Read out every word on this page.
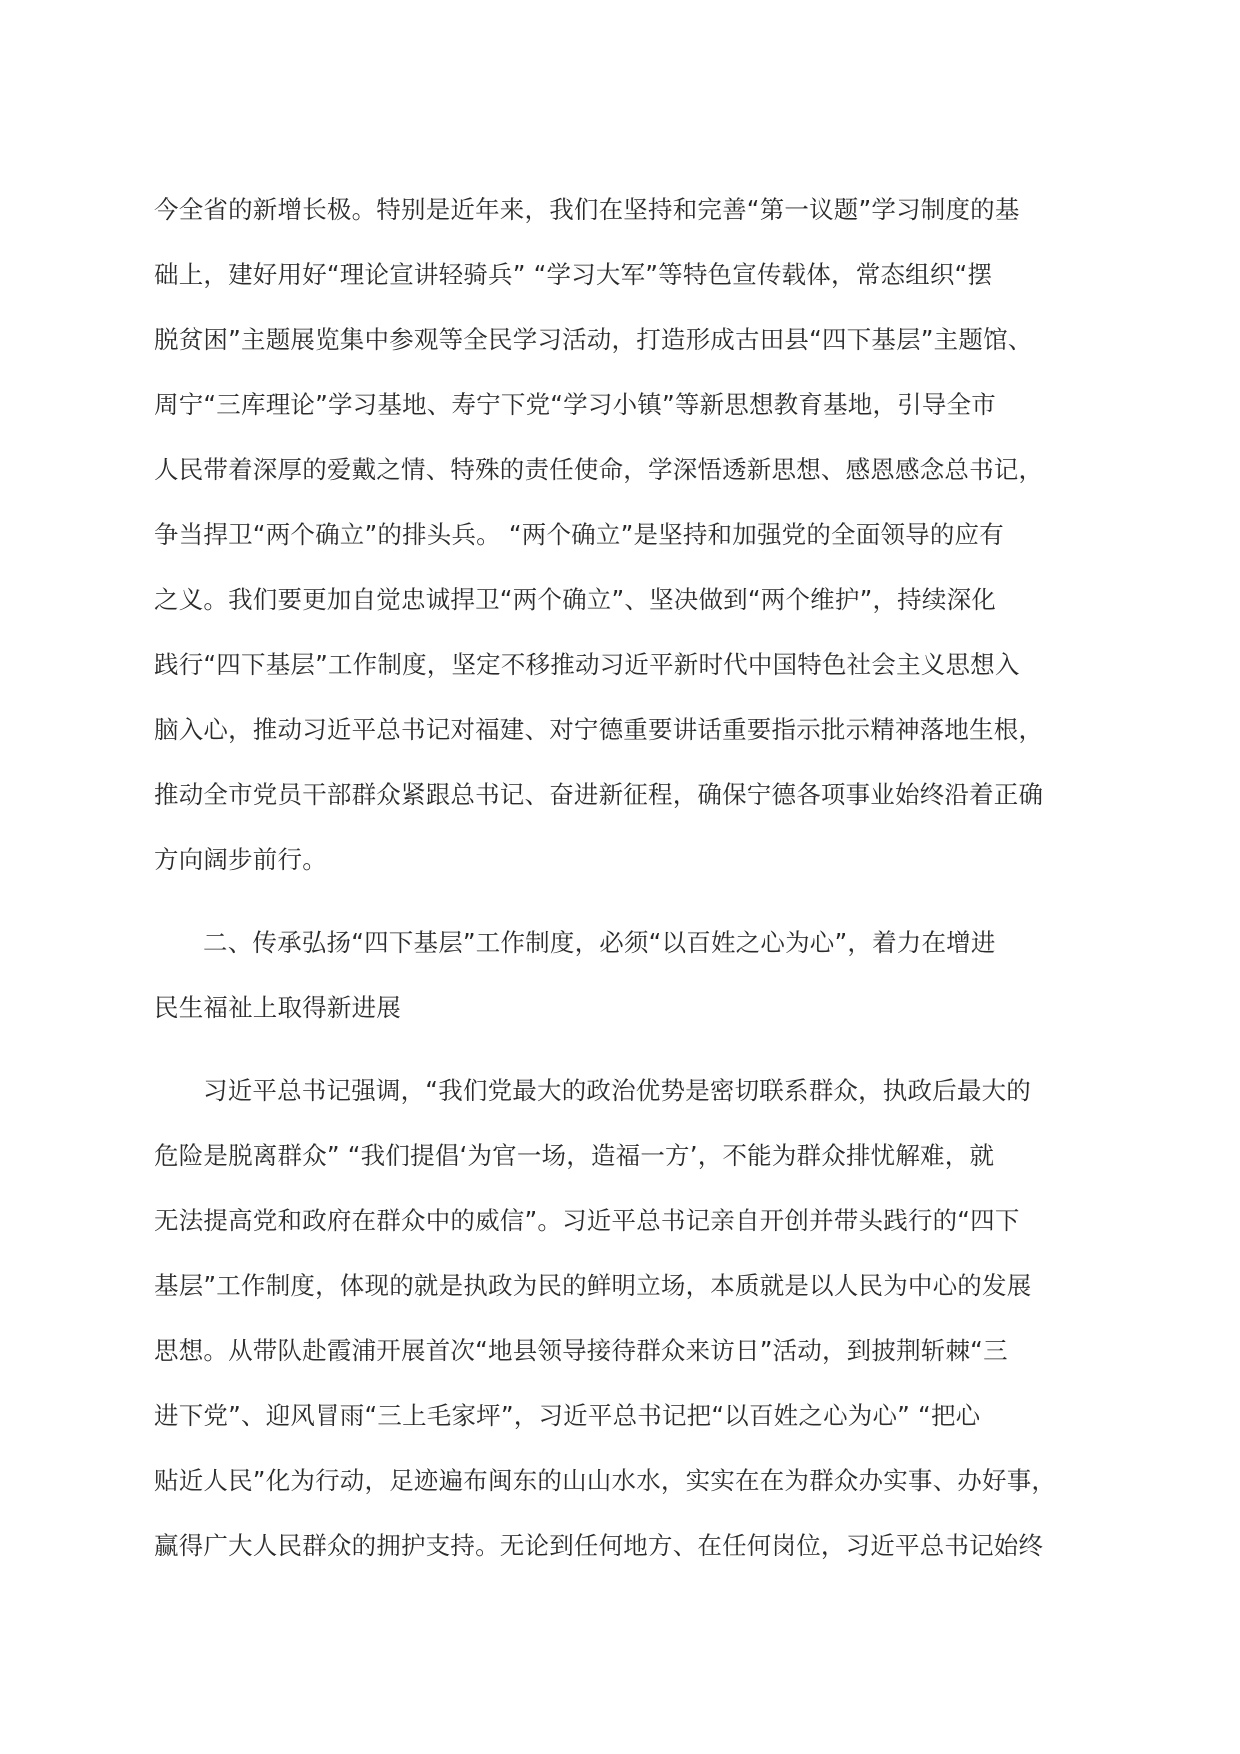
今全省的新增长极。特别是近年来，我们在坚持和完善“第一议题”学习制度的基
础上，建好用好“理论宣讲轻骑兵” “学习大军”等特色宣传载体，常态组织“摆
脱贫困”主题展览集中参观等全民学习活动，打造形成古田县“四下基层”主题馆、
周宁“三库理论”学习基地、寿宁下党“学习小镇”等新思想教育基地，引导全市
人民带着深厚的爱戴之情、特殊的责任使命，学深悟透新思想、感恩感念总书记，
争当捍卫“两个确立”的排头兵。 “两个确立”是坚持和加强党的全面领导的应有
之义。我们要更加自觉忠诚捍卫“两个确立”、坚决做到“两个维护”，持续深化
践行“四下基层”工作制度，坚定不移推动习近平新时代中国特色社会主义思想入
脑入心，推动习近平总书记对福建、对宁德重要讲话重要指示批示精神落地生根，
推动全市党员干部群众紧跟总书记、奋进新征程，确保宁德各项事业始终沿着正确
方向阔步前行。
二、传承弘扬“四下基层”工作制度，必须“以百姓之心为心”，着力在增进
民生福祉上取得新进展
习近平总书记强调，“我们党最大的政治优势是密切联系群众，执政后最大的
危险是脱离群众” “我们提倡‘为官一场，造福一方’，不能为群众排忧解难，就
无法提高党和政府在群众中的威信”。习近平总书记亲自开创并带头践行的“四下
基层”工作制度，体现的就是执政为民的鲜明立场，本质就是以人民为中心的发展
思想。从带队赴霞浦开展首次“地县领导接待群众来访日”活动，到披荆斩棘“三
进下党”、迎风冒雨“三上毛家坪”，习近平总书记把“以百姓之心为心” “把心
贴近人民”化为行动，足迹遍布闽东的山山水水，实实在在为群众办实事、办好事，
赢得广大人民群众的拥护支持。无论到任何地方、在任何岗位，习近平总书记始终
